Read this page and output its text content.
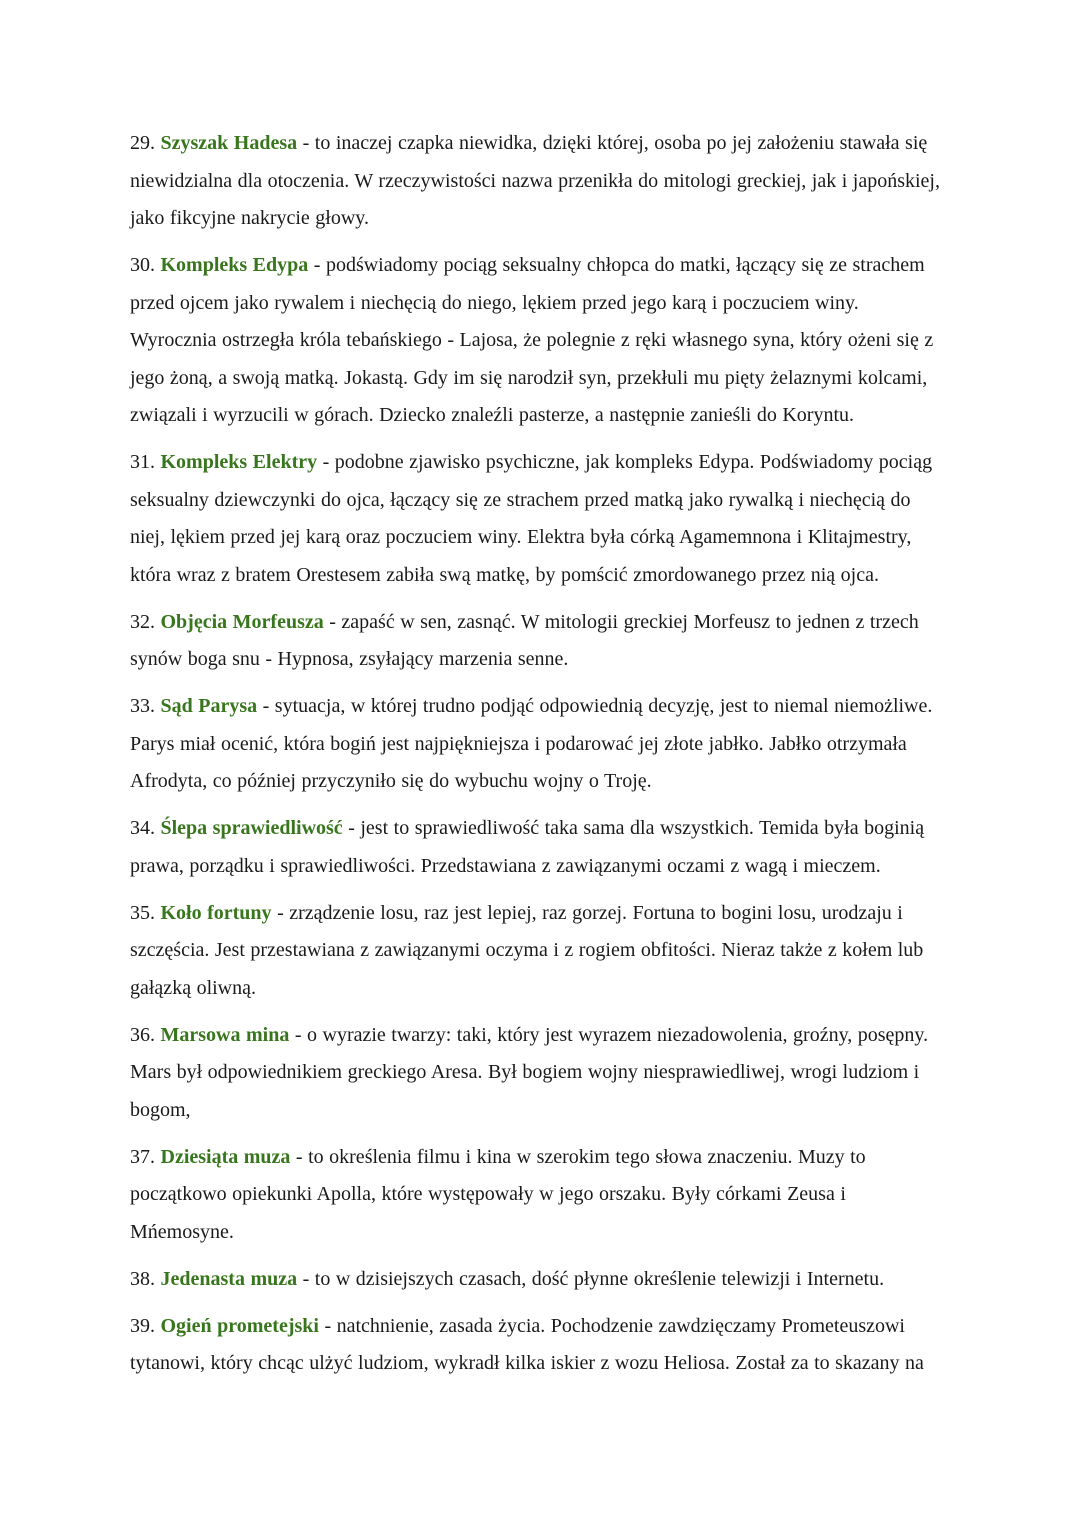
29. Szyszak Hadesa - to inaczej czapka niewidka, dzięki której, osoba po jej założeniu stawała się niewidzialna dla otoczenia. W rzeczywistości nazwa przenikła do mitologi greckiej, jak i japońskiej, jako fikcyjne nakrycie głowy.

30. Kompleks Edypa - podświadomy pociąg seksualny chłopca do matki, łączący się ze strachem przed ojcem jako rywalem i niechęcią do niego, lękiem przed jego karą i poczuciem winy. Wyrocznia ostrzegła króla tebańskiego - Lajosa, że polegnie z ręki własnego syna, który ożeni się z jego żoną, a swoją matką. Jokastą. Gdy im się narodził syn, przekłuli mu pięty żelaznymi kolcami, związali i wyrzucili w górach. Dziecko znaleźli pasterze, a następnie zanieśli do Koryntu.

31. Kompleks Elektry - podobne zjawisko psychiczne, jak kompleks Edypa. Podświadomy pociąg seksualny dziewczynki do ojca, łączący się ze strachem przed matką jako rywalką i niechęcią do niej, lękiem przed jej karą oraz poczuciem winy. Elektra była córką Agamemnona i Klitajmestry, która wraz z bratem Orestesem zabiła swą matkę, by pomścić zmordowanego przez nią ojca.

32. Objęcia Morfeusza - zapaść w sen, zasnąć. W mitologii greckiej Morfeusz to jednen z trzech synów boga snu - Hypnosa, zsyłający marzenia senne.

33. Sąd Parysa - sytuacja, w której trudno podjąć odpowiednią decyzję, jest to niemal niemożliwe. Parys miał ocenić, która bogiń jest najpiękniejsza i podarować jej złote jabłko. Jabłko otrzymała Afrodyta, co później przyczyniło się do wybuchu wojny o Troję.

34. Ślepa sprawiedliwość - jest to sprawiedliwość taka sama dla wszystkich. Temida była boginią prawa, porządku i sprawiedliwości. Przedstawiana z zawiązanymi oczami z wagą i mieczem.

35. Koło fortuny - zrządzenie losu, raz jest lepiej, raz gorzej. Fortuna to bogini losu, urodzaju i szczęścia. Jest przestawiana z zawiązanymi oczyma i z rogiem obfitości. Nieraz także z kołem lub gałązką oliwną.

36. Marsowa mina - o wyrazie twarzy: taki, który jest wyrazem niezadowolenia, groźny, posępny. Mars był odpowiednikiem greckiego Aresa. Był bogiem wojny niesprawiedliwej, wrogi ludziom i bogom,

37. Dziesiąta muza - to określenia filmu i kina w szerokim tego słowa znaczeniu. Muzy to początkowo opiekunki Apolla, które występowały w jego orszaku. Były córkami Zeusa i Mńemosyne.

38. Jedenasta muza - to w dzisiejszych czasach, dość płynne określenie telewizji i Internetu.

39. Ogień prometejski - natchnienie, zasada życia. Pochodzenie zawdzięczamy Prometeuszowi tytanowi, który chcąc ulżyć ludziom, wykradł kilka iskier z wozu Heliosa. Został za to skazany na
